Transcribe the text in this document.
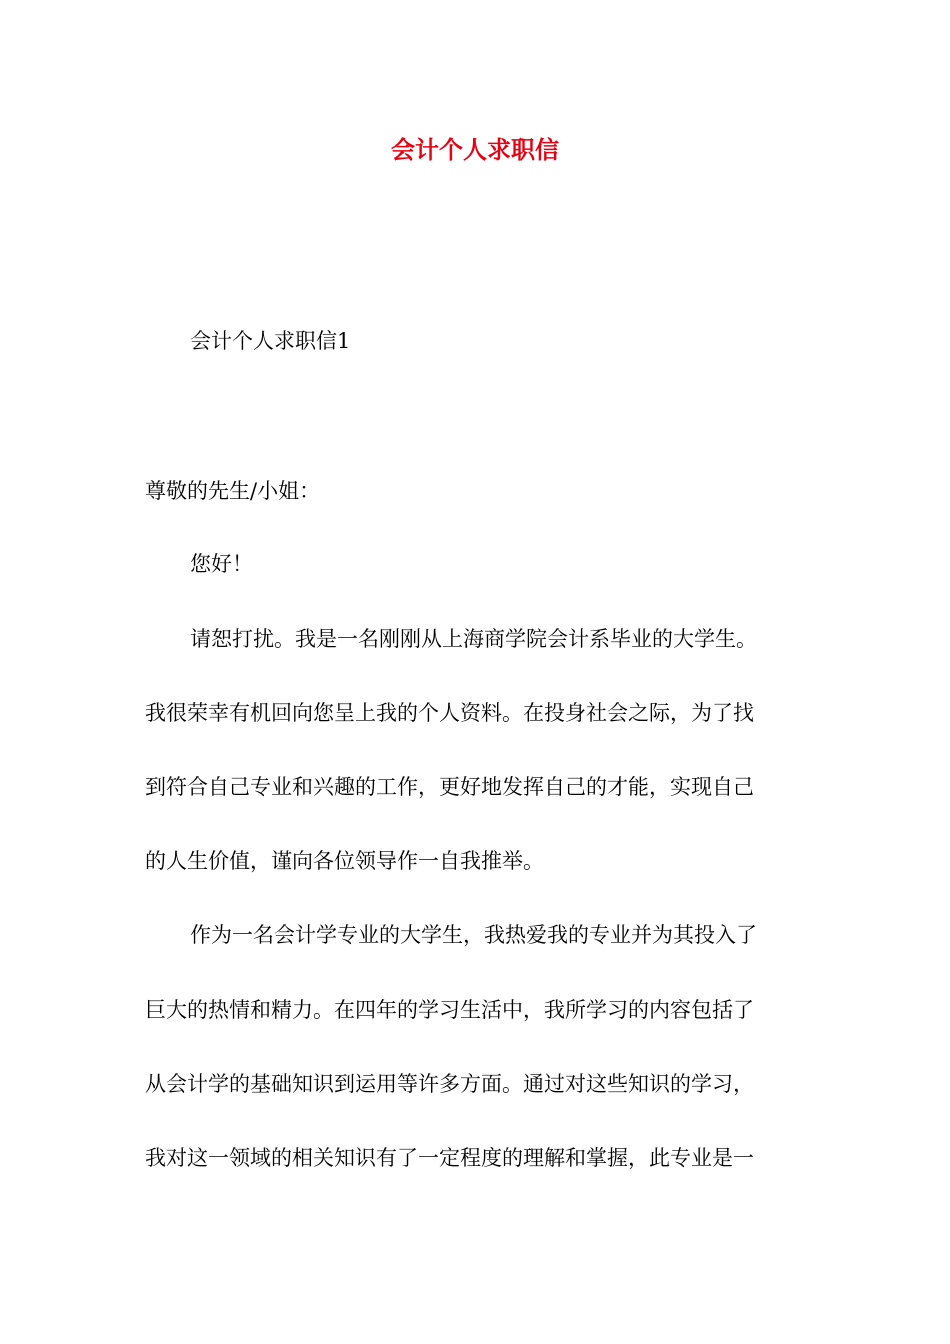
会计个人求职信
会计个人求职信1
尊敬的先生/小姐：
您好！
请恕打扰。我是一名刚刚从上海商学院会计系毕业的大学生。
我很荣幸有机回向您呈上我的个人资料。在投身社会之际，为了找
到符合自己专业和兴趣的工作，更好地发挥自己的才能，实现自己
的人生价值，谨向各位领导作一自我推举。
作为一名会计学专业的大学生，我热爱我的专业并为其投入了
巨大的热情和精力。在四年的学习生活中，我所学习的内容包括了
从会计学的基础知识到运用等许多方面。通过对这些知识的学习，
我对这一领域的相关知识有了一定程度的理解和掌握，此专业是一
